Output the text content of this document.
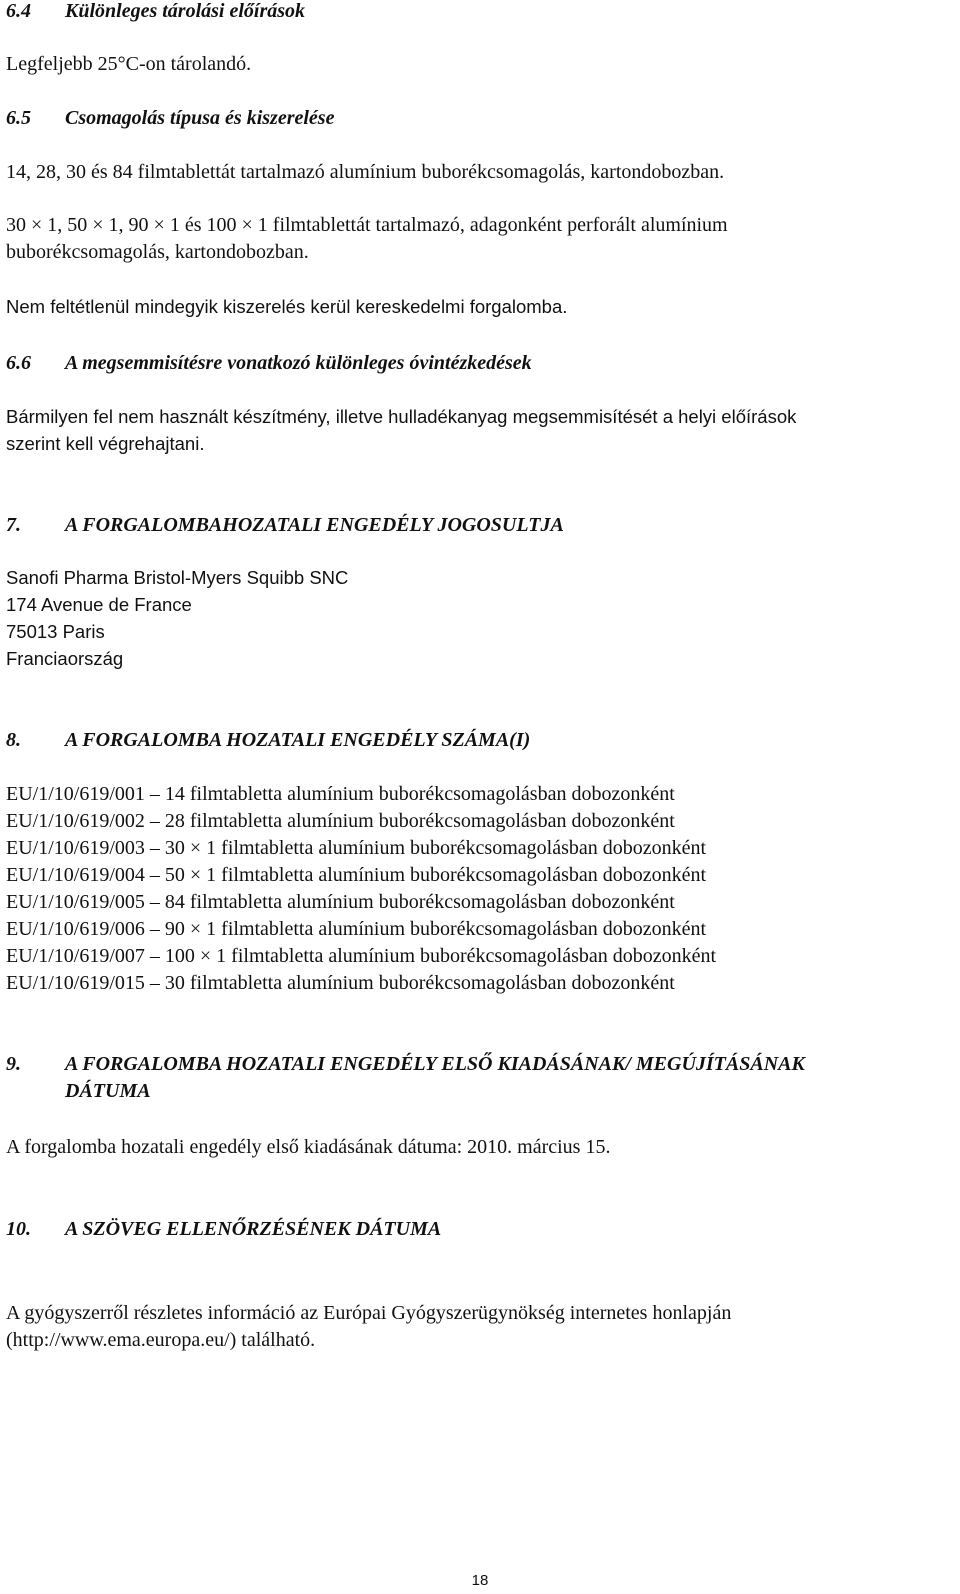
6.4 Különleges tárolási előírások
Legfeljebb 25°C-on tárolandó.
6.5 Csomagolás típusa és kiszerelése
14, 28, 30 és 84 filmtablettát tartalmazó alumínium buborékcsomagolás, kartondobozban.
30 × 1, 50 × 1, 90 × 1 és 100 × 1 filmtablettát tartalmazó, adagonként perforált alumínium
buborékcsomagolás, kartondobozban.
Nem feltétlenül mindegyik kiszerelés kerül kereskedelmi forgalomba.
6.6 A megsemmisítésre vonatkozó különleges óvintézkedések
Bármilyen fel nem használt készítmény, illetve hulladékanyag megsemmisítését a helyi előírások
szerint kell végrehajtani.
7. A FORGALOMBAHOZATALI ENGEDÉLY JOGOSULTJA
Sanofi Pharma Bristol-Myers Squibb SNC
174 Avenue de France
75013 Paris
Franciaország
8. A FORGALOMBA HOZATALI ENGEDÉLY SZÁMA(I)
EU/1/10/619/001 – 14 filmtabletta alumínium buborékcsomagolásban dobozonként
EU/1/10/619/002 – 28 filmtabletta alumínium buborékcsomagolásban dobozonként
EU/1/10/619/003 – 30 × 1 filmtabletta alumínium buborékcsomagolásban dobozonként
EU/1/10/619/004 – 50 × 1 filmtabletta alumínium buborékcsomagolásban dobozonként
EU/1/10/619/005 – 84 filmtabletta alumínium buborékcsomagolásban dobozonként
EU/1/10/619/006 – 90 × 1 filmtabletta alumínium buborékcsomagolásban dobozonként
EU/1/10/619/007 – 100 × 1 filmtabletta alumínium buborékcsomagolásban dobozonként
EU/1/10/619/015 – 30 filmtabletta alumínium buborékcsomagolásban dobozonként
9. A FORGALOMBA HOZATALI ENGEDÉLY ELSŐ KIADÁSÁNAK/ MEGÚJÍTÁSÁNAK
DÁTUMA
A forgalomba hozatali engedély első kiadásának dátuma: 2010. március 15.
10. A SZÖVEG ELLENŐRZÉSÉNEK DÁTUMA
A gyógyszerről részletes információ az Európai Gyógyszerügynökség internetes honlapján
(http://www.ema.europa.eu/) található.
18
